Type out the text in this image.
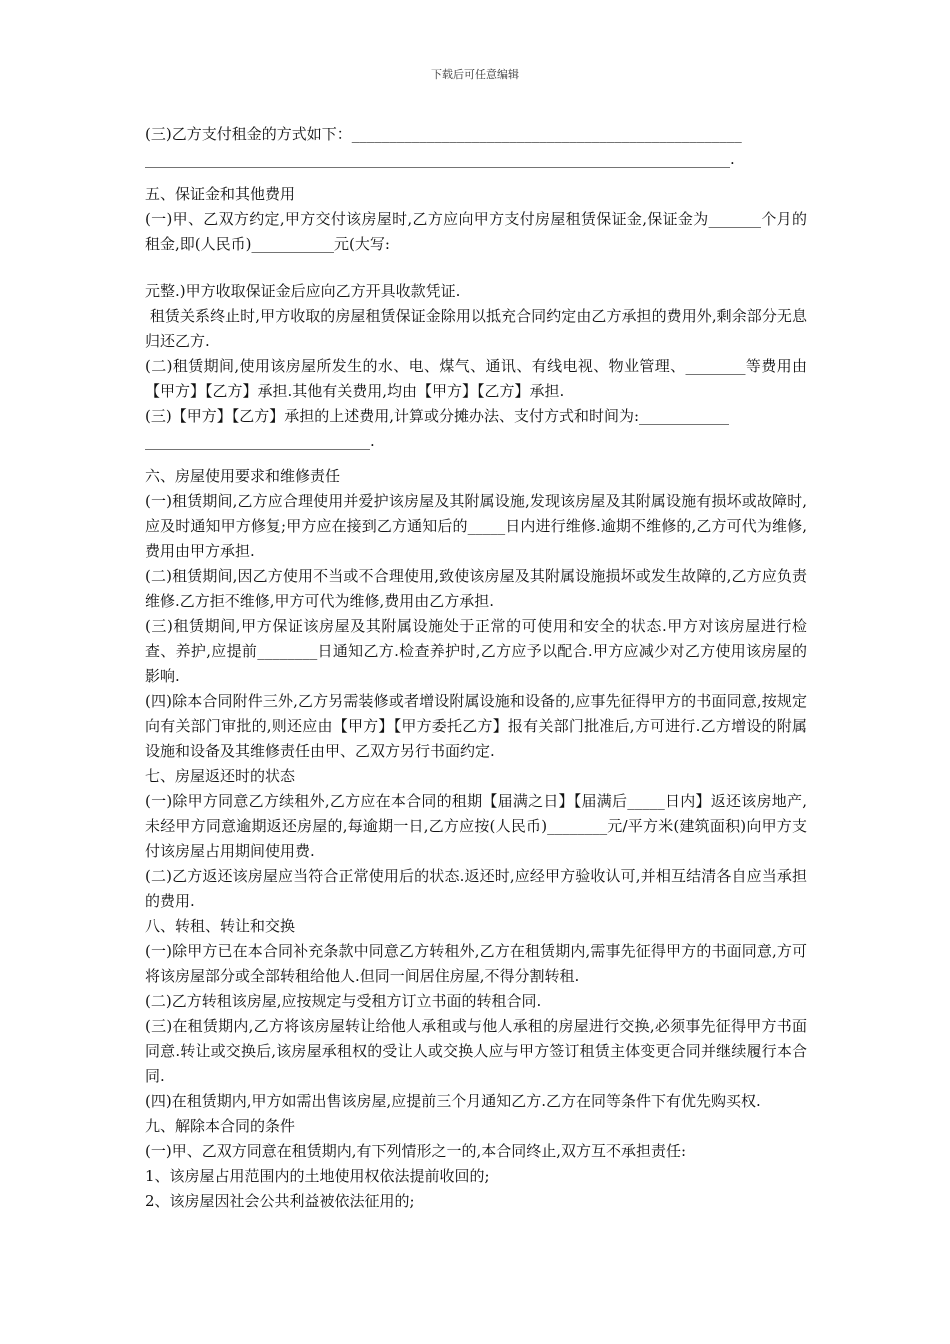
下载后可任意编辑

(三)乙方支付租金的方式如下：____________________________________________________

______________________________________________________________________________.

五、保证金和其他费用

(一)甲、乙双方约定,甲方交付该房屋时,乙方应向甲方支付房屋租赁保证金,保证金为_______个月的租金,即(人民币)___________元(大写:

元整.)甲方收取保证金后应向乙方开具收款凭证.

租赁关系终止时,甲方收取的房屋租赁保证金除用以抵充合同约定由乙方承担的费用外,剩余部分无息归还乙方.

(二)租赁期间,使用该房屋所发生的水、电、煤气、通讯、有线电视、物业管理、________等费用由【甲方】【乙方】承担.其他有关费用,均由【甲方】【乙方】承担.

(三)【甲方】【乙方】承担的上述费用,计算或分摊办法、支付方式和时间为:____________

______________________________.

六、房屋使用要求和维修责任

(一)租赁期间,乙方应合理使用并爱护该房屋及其附属设施,发现该房屋及其附属设施有损坏或故障时,应及时通知甲方修复;甲方应在接到乙方通知后的_____日内进行维修.逾期不维修的,乙方可代为维修,费用由甲方承担.

(二)租赁期间,因乙方使用不当或不合理使用,致使该房屋及其附属设施损坏或发生故障的,乙方应负责维修.乙方拒不维修,甲方可代为维修,费用由乙方承担.

(三)租赁期间,甲方保证该房屋及其附属设施处于正常的可使用和安全的状态.甲方对该房屋进行检查、养护,应提前________日通知乙方.检查养护时,乙方应予以配合.甲方应减少对乙方使用该房屋的影响.

(四)除本合同附件三外,乙方另需装修或者增设附属设施和设备的,应事先征得甲方的书面同意,按规定向有关部门审批的,则还应由【甲方】【甲方委托乙方】报有关部门批准后,方可进行.乙方增设的附属设施和设备及其维修责任由甲、乙双方另行书面约定.

七、房屋返还时的状态

(一)除甲方同意乙方续租外,乙方应在本合同的租期【届满之日】【届满后_____日内】返还该房地产,未经甲方同意逾期返还房屋的,每逾期一日,乙方应按(人民币)________元/平方米(建筑面积)向甲方支付该房屋占用期间使用费.

(二)乙方返还该房屋应当符合正常使用后的状态.返还时,应经甲方验收认可,并相互结清各自应当承担的费用.

八、转租、转让和交换

(一)除甲方已在本合同补充条款中同意乙方转租外,乙方在租赁期内,需事先征得甲方的书面同意,方可将该房屋部分或全部转租给他人.但同一间居住房屋,不得分割转租.

(二)乙方转租该房屋,应按规定与受租方订立书面的转租合同.

(三)在租赁期内,乙方将该房屋转让给他人承租或与他人承租的房屋进行交换,必须事先征得甲方书面同意.转让或交换后,该房屋承租权的受让人或交换人应与甲方签订租赁主体变更合同并继续履行本合同.

(四)在租赁期内,甲方如需出售该房屋,应提前三个月通知乙方.乙方在同等条件下有优先购买权.

九、解除本合同的条件

(一)甲、乙双方同意在租赁期内,有下列情形之一的,本合同终止,双方互不承担责任:

1、该房屋占用范围内的土地使用权依法提前收回的;

2、该房屋因社会公共利益被依法征用的;
